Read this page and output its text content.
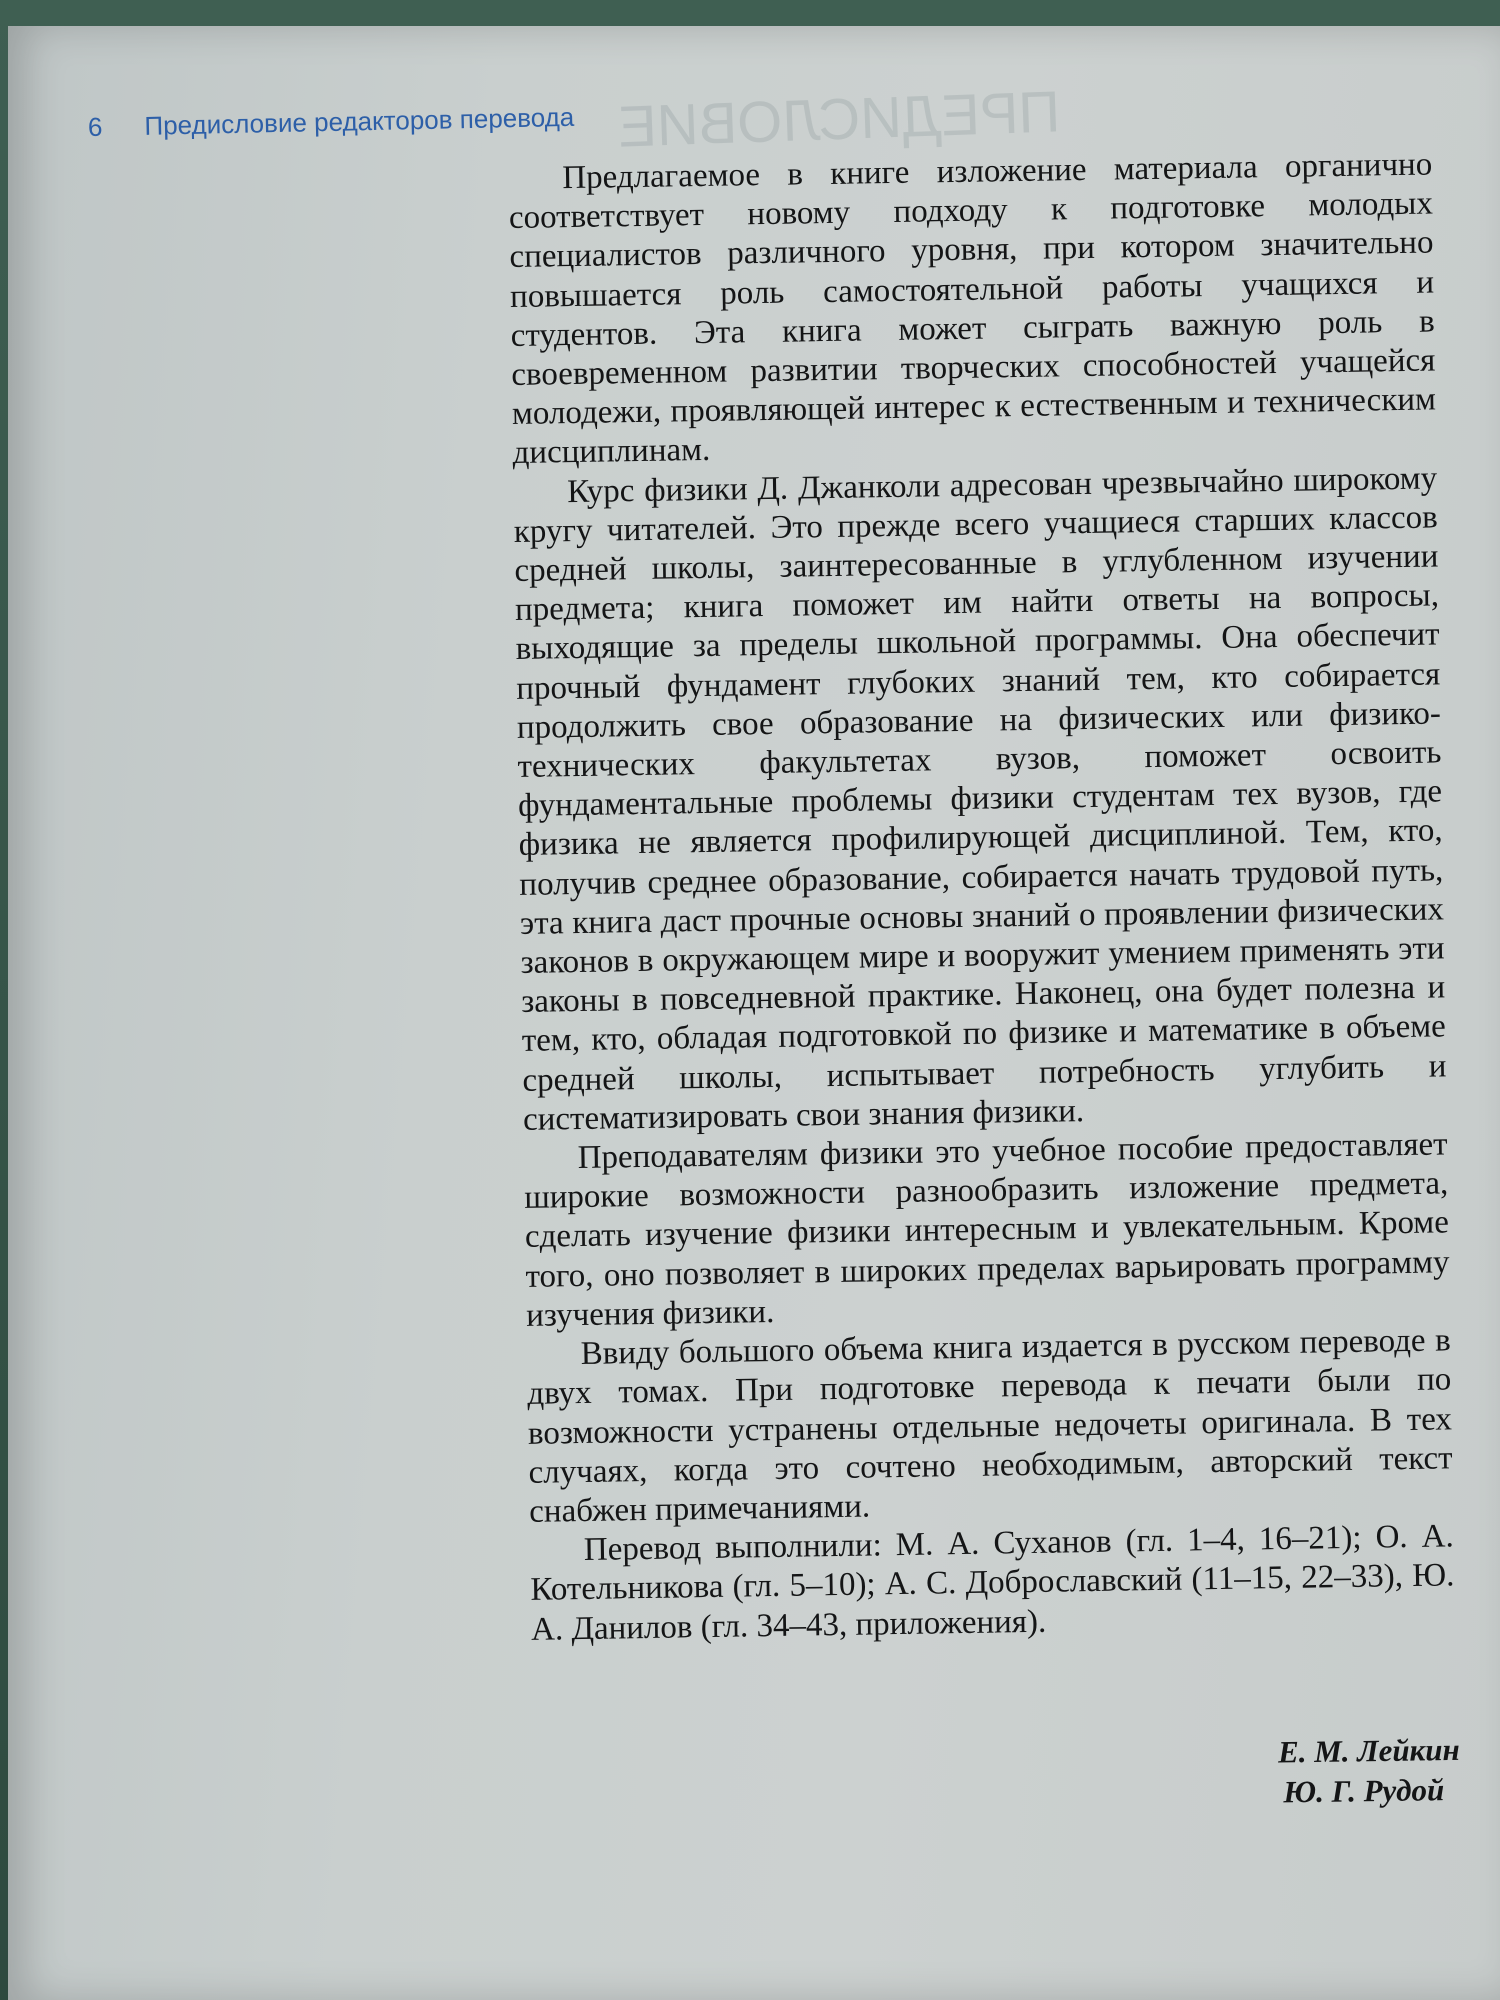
ПРЕДИСЛОВИЕ
6 Предисловие редакторов перевода

Предлагаемое в книге изложение материала органично соответствует новому подходу к подготовке молодых специалистов различного уровня, при котором значительно повышается роль самостоятельной работы учащихся и студентов. Эта книга может сыграть важную роль в своевременном развитии творческих способностей учащейся молодежи, проявляющей интерес к естественным и техническим дисциплинам.

Курс физики Д. Джанколи адресован чрезвычайно широкому кругу читателей. Это прежде всего учащиеся старших классов средней школы, заинтересованные в углубленном изучении предмета; книга поможет им найти ответы на вопросы, выходящие за пределы школьной программы. Она обеспечит прочный фундамент глубоких знаний тем, кто собирается продолжить свое образование на физических или физико-технических факультетах вузов, поможет освоить фундаментальные проблемы физики студентам тех вузов, где физика не является профилирующей дисциплиной. Тем, кто, получив среднее образование, собирается начать трудовой путь, эта книга даст прочные основы знаний о проявлении физических законов в окружающем мире и вооружит умением применять эти законы в повседневной практике. Наконец, она будет полезна и тем, кто, обладая подготовкой по физике и математике в объеме средней школы, испытывает потребность углубить и систематизировать свои знания физики.

Преподавателям физики это учебное пособие предоставляет широкие возможности разнообразить изложение предмета, сделать изучение физики интересным и увлекательным. Кроме того, оно позволяет в широких пределах варьировать программу изучения физики.

Ввиду большого объема книга издается в русском переводе в двух томах. При подготовке перевода к печати были по возможности устранены отдельные недочеты оригинала. В тех случаях, когда это сочтено необходимым, авторский текст снабжен примечаниями.

Перевод выполнили: М. А. Суханов (гл. 1–4, 16–21); О. А. Котельникова (гл. 5–10); А. С. Доброславский (11–15, 22–33), Ю. А. Данилов (гл. 34–43, приложения).

Е. М. Лейкин
Ю. Г. Рудой
